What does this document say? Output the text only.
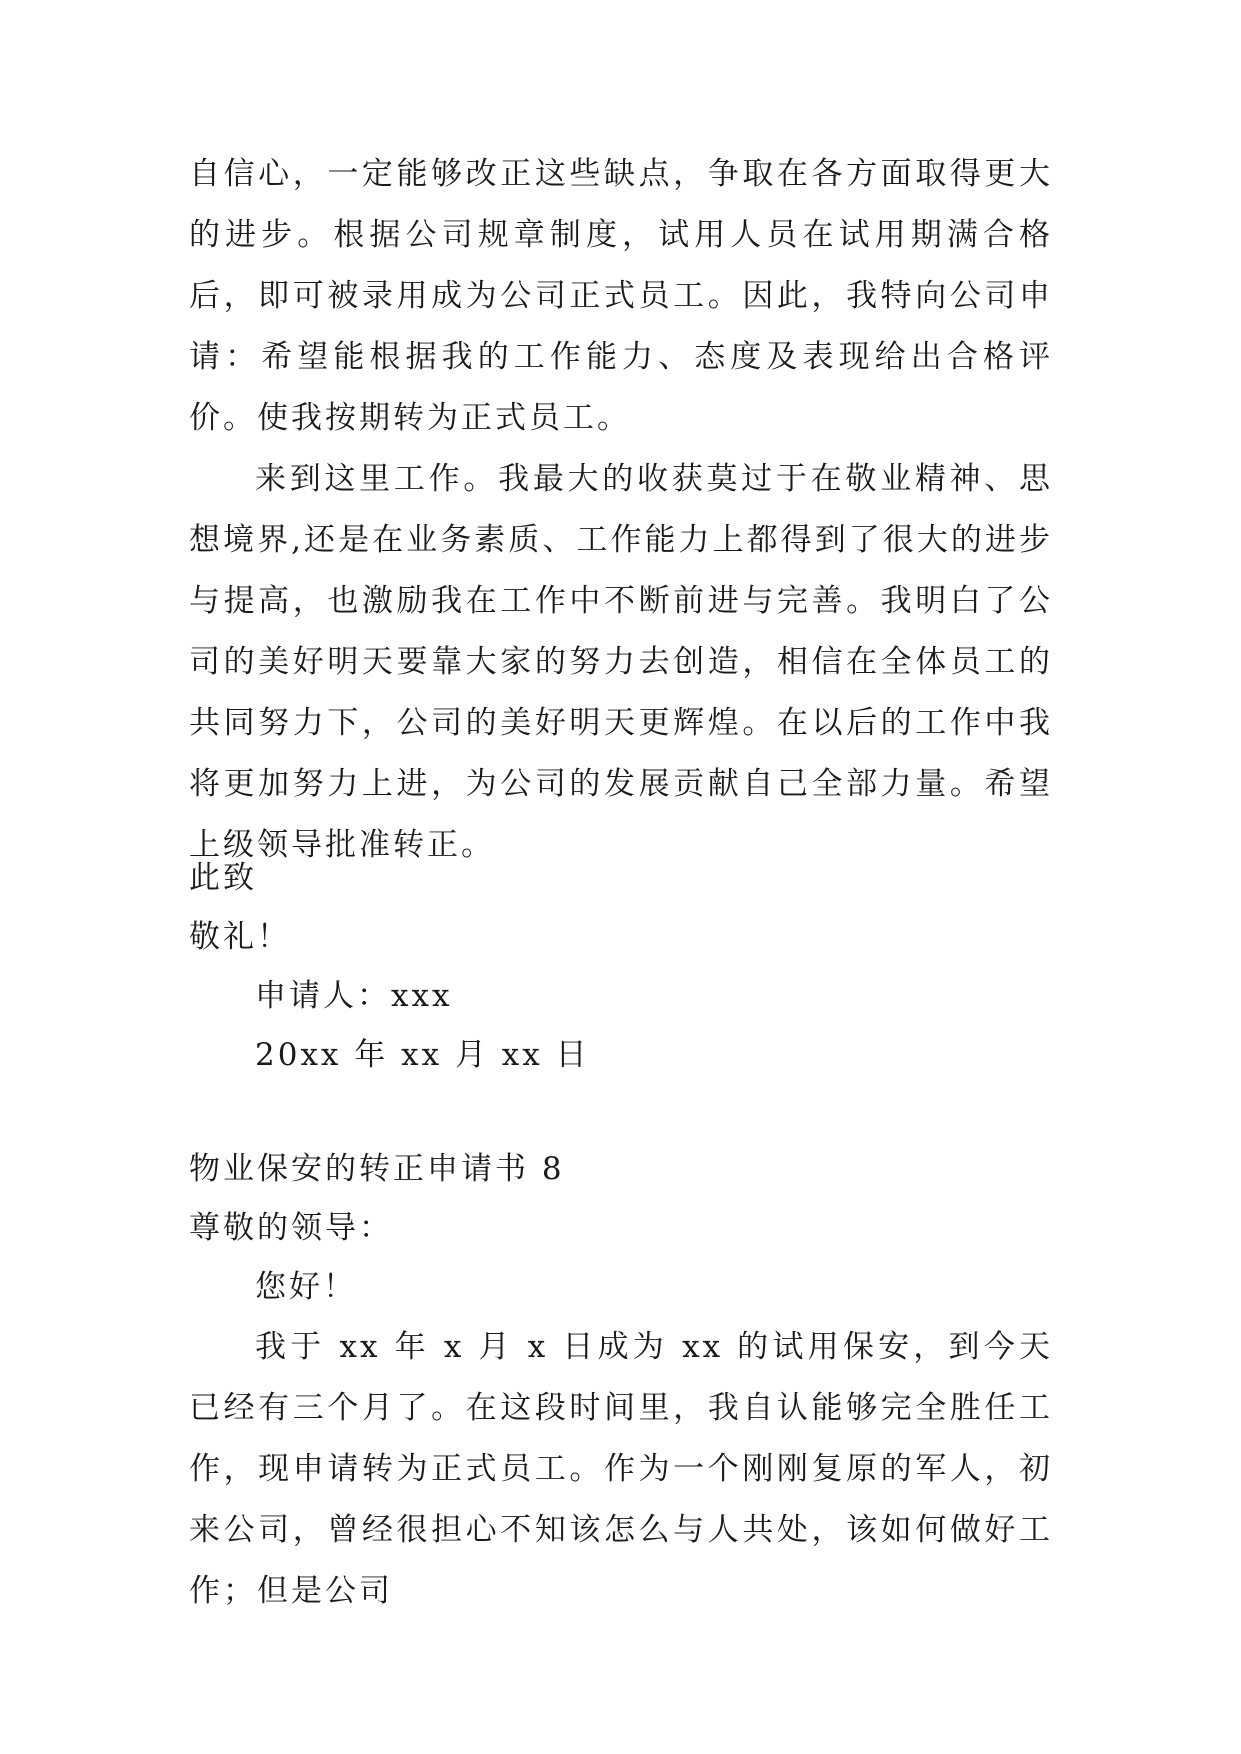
自信心，一定能够改正这些缺点，争取在各方面取得更大的进步。根据公司规章制度，试用人员在试用期满合格后，即可被录用成为公司正式员工。因此，我特向公司申请：希望能根据我的工作能力、态度及表现给出合格评价。使我按期转为正式员工。

来到这里工作。我最大的收获莫过于在敬业精神、思想境界,还是在业务素质、工作能力上都得到了很大的进步与提高，也激励我在工作中不断前进与完善。我明白了公司的美好明天要靠大家的努力去创造，相信在全体员工的共同努力下，公司的美好明天更辉煌。在以后的工作中我将更加努力上进，为公司的发展贡献自己全部力量。希望上级领导批准转正。

此致

敬礼！

申请人：xxx

20xx 年 xx 月 xx 日

物业保安的转正申请书 8

尊敬的领导：

您好！

我于 xx 年 x 月 x 日成为 xx 的试用保安，到今天已经有三个月了。在这段时间里，我自认能够完全胜任工作，现申请转为正式员工。作为一个刚刚复原的军人，初来公司，曾经很担心不知该怎么与人共处，该如何做好工作；但是公司
